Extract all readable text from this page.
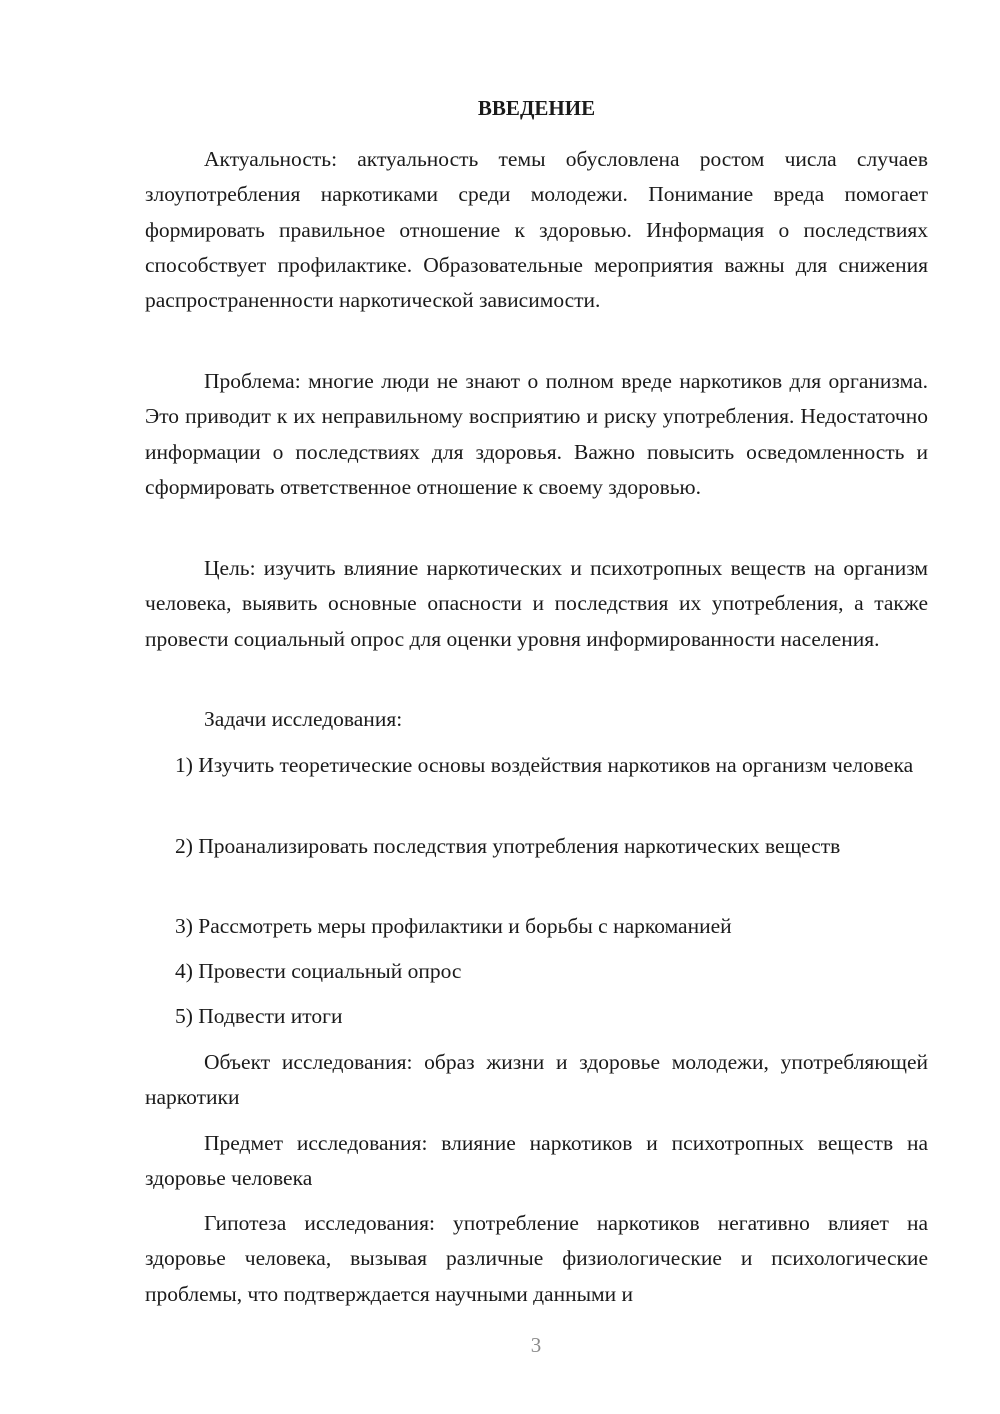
ВВЕДЕНИЕ

Актуальность: актуальность темы обусловлена ростом числа случаев злоупотребления наркотиками среди молодежи. Понимание вреда помогает формировать правильное отношение к здоровью. Информация о последствиях способствует профилактике. Образовательные мероприятия важны для снижения распространенности наркотической зависимости.

Проблема: многие люди не знают о полном вреде наркотиков для организма. Это приводит к их неправильному восприятию и риску употребления. Недостаточно информации о последствиях для здоровья. Важно повысить осведомленность и сформировать ответственное отношение к своему здоровью.

Цель: изучить влияние наркотических и психотропных веществ на организм человека, выявить основные опасности и последствия их употребления, а также провести социальный опрос для оценки уровня информированности населения.

Задачи исследования:

1) Изучить теоретические основы воздействия наркотиков на организм человека

2) Проанализировать последствия употребления наркотических веществ

3) Рассмотреть меры профилактики и борьбы с наркоманией

4) Провести социальный опрос

5) Подвести итоги

Объект исследования: образ жизни и здоровье молодежи, употребляющей наркотики

Предмет исследования: влияние наркотиков и психотропных веществ на здоровье человека

Гипотеза исследования: употребление наркотиков негативно влияет на здоровье человека, вызывая различные физиологические и психологические проблемы, что подтверждается научными данными и

3
